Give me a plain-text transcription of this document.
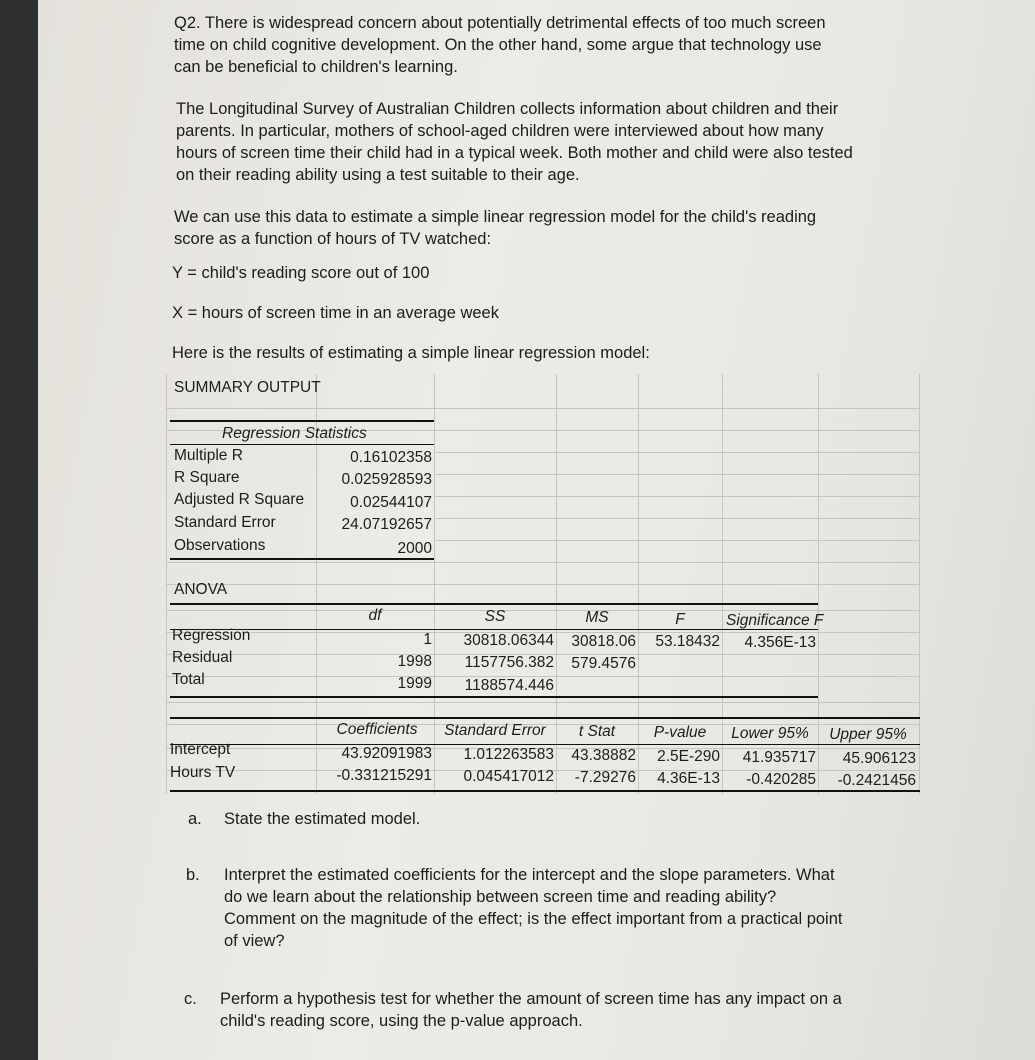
Q2. There is widespread concern about potentially detrimental effects of too much screen
time on child cognitive development. On the other hand, some argue that technology use
can be beneficial to children's learning.
The Longitudinal Survey of Australian Children collects information about children and their
parents. In particular, mothers of school-aged children were interviewed about how many
hours of screen time their child had in a typical week. Both mother and child were also tested
on their reading ability using a test suitable to their age.
We can use this data to estimate a simple linear regression model for the child's reading
score as a function of hours of TV watched:
Y = child's reading score out of 100
X = hours of screen time in an average week
Here is the results of estimating a simple linear regression model:
SUMMARY OUTPUT
Regression Statistics
Multiple R	0.16102358
R Square	0.025928593
Adjusted R Square	0.02544107
Standard Error	24.07192657
Observations	2000
ANOVA
df	SS	MS	F	Significance F
Regression	1	30818.06344	30818.06	53.18432	4.356E-13
Residual	1998	1157756.382	579.4576
Total	1999	1188574.446
Coefficients	Standard Error	t Stat	P-value	Lower 95%	Upper 95%
Intercept	43.92091983	1.012263583	43.38882	2.5E-290	41.935717	45.906123
Hours TV	-0.331215291	0.045417012	-7.29276	4.36E-13	-0.420285	-0.2421456
a. State the estimated model.
b. Interpret the estimated coefficients for the intercept and the slope parameters. What
do we learn about the relationship between screen time and reading ability?
Comment on the magnitude of the effect; is the effect important from a practical point
of view?
c. Perform a hypothesis test for whether the amount of screen time has any impact on a
child's reading score, using the p-value approach.
